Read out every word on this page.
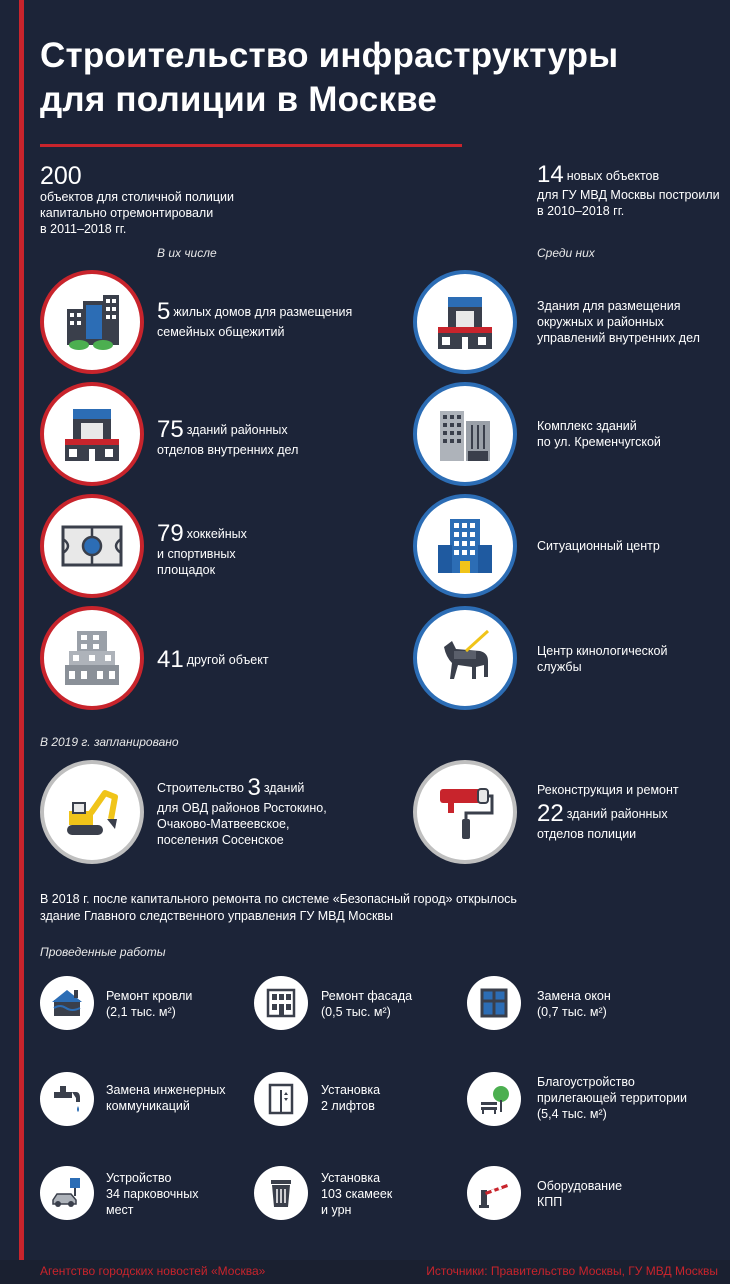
Строительство инфраструктуры
для полиции в Москве
200
объектов для столичной полиции
капитально отремонтировали
в 2011–2018 гг.
14 новых объектов
для ГУ МВД Москвы построили
в 2010–2018 гг.
В их числе	Среди них
5 жилых домов для размещения
семейных общежитий
75 зданий районных
отделов внутренних дел
79 хоккейных
и спортивных
площадок
41 другой объект
Здания для размещения
окружных и районных
управлений внутренних дел
Комплекс зданий
по ул. Кременчугской
Ситуационный центр
Центр кинологической
службы
В 2019 г. запланировано
Строительство 3 зданий
для ОВД районов Ростокино,
Очаково-Матвеевское,
поселения Сосенское
Реконструкция и ремонт
22 зданий районных
отделов полиции
В 2018 г. после капитального ремонта по системе «Безопасный город» открылось
здание Главного следственного управления ГУ МВД Москвы
Проведенные работы
Ремонт кровли
(2,1 тыс. м²)
Ремонт фасада
(0,5 тыс. м²)
Замена окон
(0,7 тыс. м²)
Замена инженерных
коммуникаций
Установка
2 лифтов
Благоустройство
прилегающей территории
(5,4 тыс. м²)
Устройство
34 парковочных
мест
Установка
103 скамеек
и урн
Оборудование
КПП
Агентство городских новостей «Москва»	Источники: Правительство Москвы, ГУ МВД Москвы
